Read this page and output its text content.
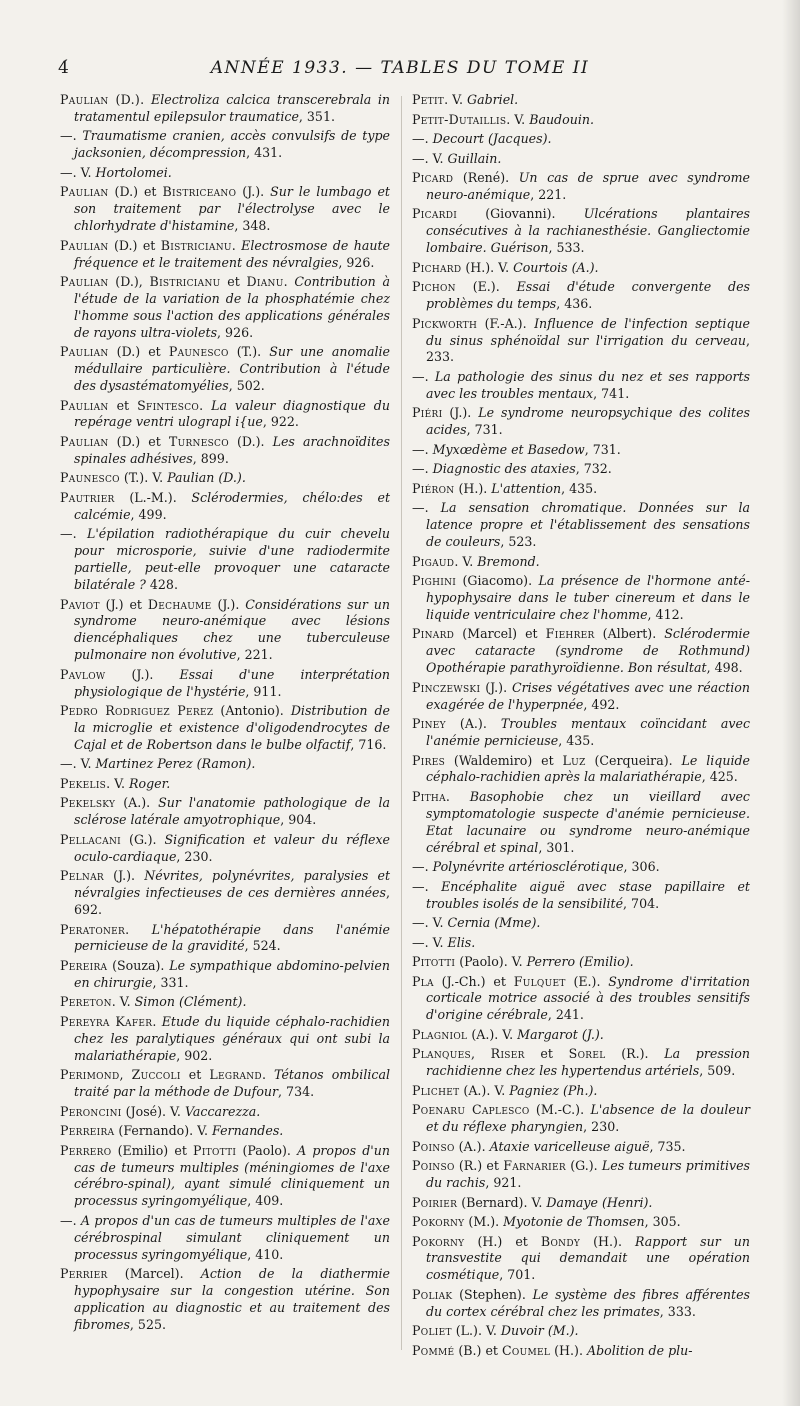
4́	ANNÉE 1933. — TABLES DU TOME II
Paulian (D.). Electroliza calcica transcerebrala in tratamentul epilepsulor traumatice, 351.
—. Traumatisme cranien, accès convulsifs de type jacksonien, décompression, 431.
—. V. Hortolomei.
Paulian (D.) et Bistriceano (J.). Sur le lumbago et son traitement par l'électrolyse avec le chlorhydrate d'histamine, 348.
Paulian (D.) et Bistricianu. Electrosmose de haute fréquence et le traitement des névralgies, 926.
Paulian (D.), Bistricianu et Dianu. Contribution à l'étude de la variation de la phosphatémie chez l'homme sous l'action des applications générales de rayons ultra-violets, 926.
Paulian (D.) et Paunesco (T.). Sur une anomalie médullaire particulière. Contribution à l'étude des dysastématomyélies, 502.
Paulian et Sfintesco. La valeur diagnostique du repérage ventri ulograpl i{ue, 922.
Paulian (D.) et Turnesco (D.). Les arachnoïdites spinales adhésives, 899.
Paunesco (T.). V. Paulian (D.).
Pautrier (L.-M.). Sclérodermies, chélo:des et calcémie, 499.
—. L'épilation radiothérapique du cuir chevelu pour microsporie, suivie d'une radiodermite partielle, peut-elle provoquer une cataracte bilatérale ? 428.
Paviot (J.) et Dechaume (J.). Considérations sur un syndrome neuro-anémique avec lésions diencéphaliques chez une tuberculeuse pulmonaire non évolutive, 221.
Pavlow (J.). Essai d'une interprétation physiologique de l'hystérie, 911.
Pedro Rodriguez Perez (Antonio). Distribution de la microglie et existence d'oligodendrocytes de Cajal et de Robertson dans le bulbe olfactif, 716.
—. V. Martinez Perez (Ramon).
Pekelis. V. Roger.
Pekelsky (A.). Sur l'anatomie pathologique de la sclérose latérale amyotrophique, 904.
Pellacani (G.). Signification et valeur du réflexe oculo-cardiaque, 230.
Pelnar (J.). Névrites, polynévrites, paralysies et névralgies infectieuses de ces dernières années, 692.
Peratoner. L'hépatothérapie dans l'anémie pernicieuse de la gravidité, 524.
Pereira (Souza). Le sympathique abdomino-pelvien en chirurgie, 331.
Pereton. V. Simon (Clément).
Pereyra Kafer. Etude du liquide céphalo-rachidien chez les paralytiques généraux qui ont subi la malariathérapie, 902.
Perimond, Zuccoli et Legrand. Tétanos ombilical traité par la méthode de Dufour, 734.
Peroncini (José). V. Vaccarezza.
Perreira (Fernando). V. Fernandes.
Perrero (Emilio) et Pitotti (Paolo). A propos d'un cas de tumeurs multiples (méningiomes de l'axe cérébro-spinal), ayant simulé cliniquement un processus syringomyélique, 409.
—. A propos d'un cas de tumeurs multiples de l'axe cérébrospinal simulant cliniquement un processus syringomyélique, 410.
Perrier (Marcel). Action de la diathermie hypophysaire sur la congestion utérine. Son application au diagnostic et au traitement des fibromes, 525.
Petit. V. Gabriel.
Petit-Dutaillis. V. Baudouin.
—. Decourt (Jacques).
—. V. Guillain.
Picard (René). Un cas de sprue avec syndrome neuro-anémique, 221.
Picardi (Giovanni). Ulcérations plantaires consécutives à la rachianesthésie. Gangliectomie lombaire. Guérison, 533.
Pichard (H.). V. Courtois (A.).
Pichon (E.). Essai d'étude convergente des problèmes du temps, 436.
Pickworth (F.-A.). Influence de l'infection septique du sinus sphénoïdal sur l'irrigation du cerveau, 233.
—. La pathologie des sinus du nez et ses rapports avec les troubles mentaux, 741.
Piéri (J.). Le syndrome neuropsychique des colites acides, 731.
—. Myxœdème et Basedow, 731.
—. Diagnostic des ataxies, 732.
Piéron (H.). L'attention, 435.
—. La sensation chromatique. Données sur la latence propre et l'établissement des sensations de couleurs, 523.
Pigaud. V. Bremond.
Pighini (Giacomo). La présence de l'hormone anté-hypophysaire dans le tuber cinereum et dans le liquide ventriculaire chez l'homme, 412.
Pinard (Marcel) et Fiehrer (Albert). Sclérodermie avec cataracte (syndrome de Rothmund) Opothérapie parathyroïdienne. Bon résultat, 498.
Pinczewski (J.). Crises végétatives avec une réaction exagérée de l'hyperpnée, 492.
Piney (A.). Troubles mentaux coïncidant avec l'anémie pernicieuse, 435.
Pires (Waldemiro) et Luz (Cerqueira). Le liquide céphalo-rachidien après la malariathérapie, 425.
Pitha. Basophobie chez un vieillard avec symptomatologie suspecte d'anémie pernicieuse. Etat lacunaire ou syndrome neuro-anémique cérébral et spinal, 301.
—. Polynévrite artériosclérotique, 306.
—. Encéphalite aiguë avec stase papillaire et troubles isolés de la sensibilité, 704.
—. V. Cernia (Mme).
—. V. Elis.
Pitotti (Paolo). V. Perrero (Emilio).
Pla (J.-Ch.) et Fulquet (E.). Syndrome d'irritation corticale motrice associé à des troubles sensitifs d'origine cérébrale, 241.
Plagniol (A.). V. Margarot (J.).
Planques, Riser et Sorel (R.). La pression rachidienne chez les hypertendus artériels, 509.
Plichet (A.). V. Pagniez (Ph.).
Poenaru Caplesco (M.-C.). L'absence de la douleur et du réflexe pharyngien, 230.
Poinso (A.). Ataxie varicelleuse aiguë, 735.
Poinso (R.) et Farnarier (G.). Les tumeurs primitives du rachis, 921.
Poirier (Bernard). V. Damaye (Henri).
Pokorny (M.). Myotonie de Thomsen, 305.
Pokorny (H.) et Bondy (H.). Rapport sur un transvestite qui demandait une opération cosmétique, 701.
Poliak (Stephen). Le système des fibres afférentes du cortex cérébral chez les primates, 333.
Poliet (L.). V. Duvoir (M.).
Pommé (B.) et Coumel (H.). Abolition de plu-
